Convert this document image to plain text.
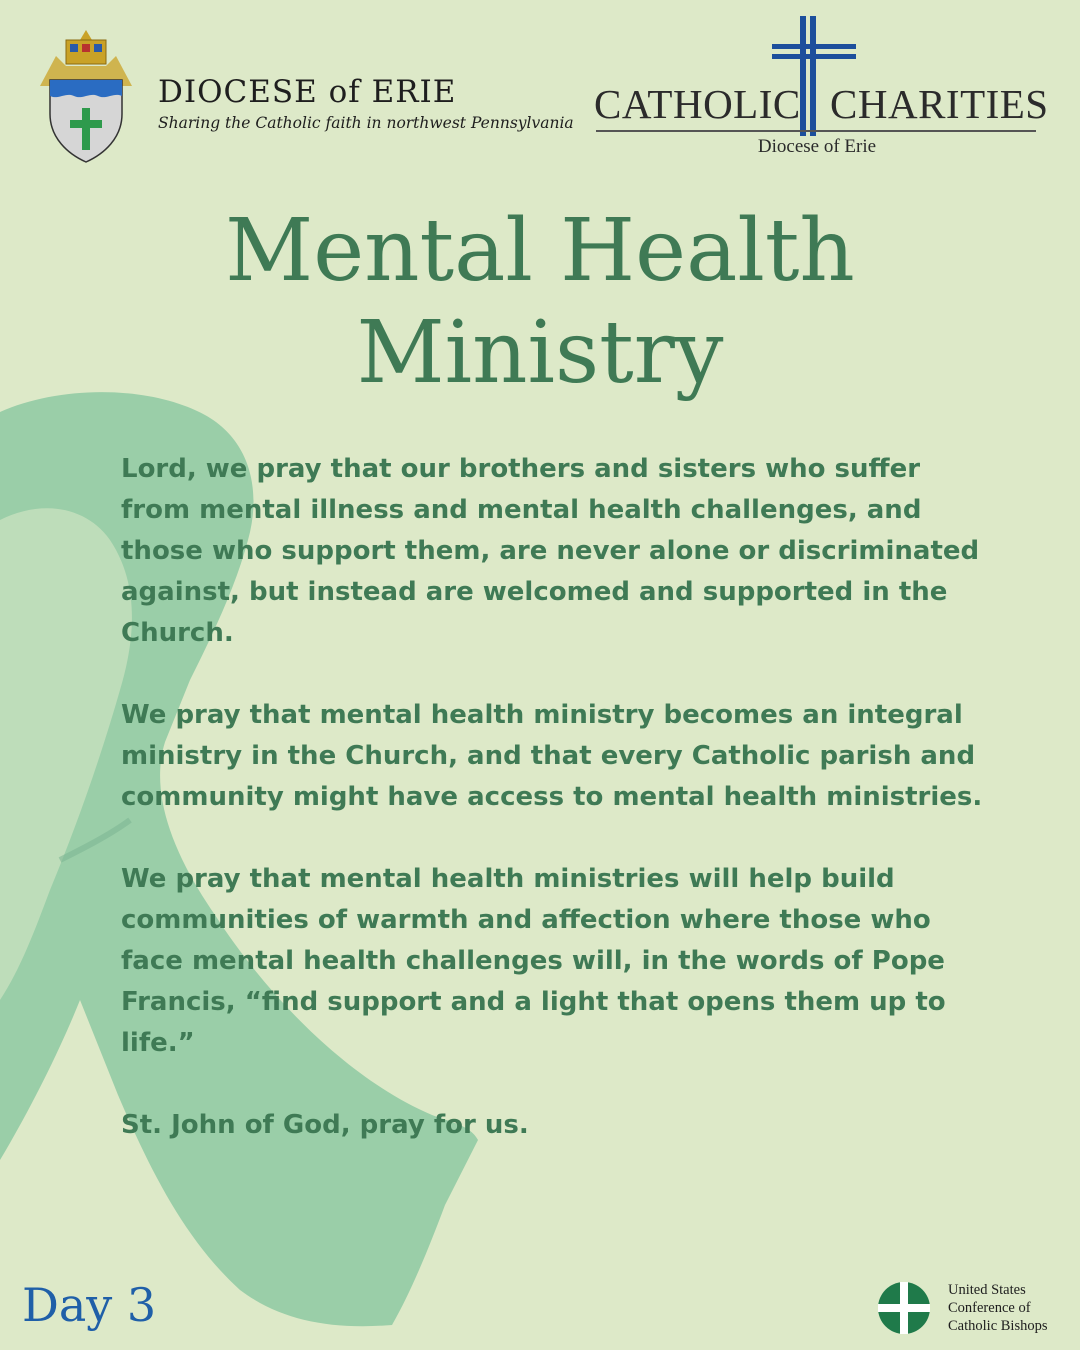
DIOCESE of ERIE
Sharing the Catholic faith in northwest Pennsylvania CATHOLIC CHARITIES
Diocese of Erie
Mental Health
Ministry

Lord, we pray that our brothers and sisters who suffer from mental illness and mental health challenges, and those who support them, are never alone or discriminated against, but instead are welcomed and supported in the Church.

We pray that mental health ministry becomes an integral ministry in the Church, and that every Catholic parish and community might have access to mental health ministries.

We pray that mental health ministries will help build communities of warmth and affection where those who face mental health challenges will, in the words of Pope Francis, “find support and a light that opens them up to life.”

St. John of God, pray for us.

Day 3	United States
Conference of
Catholic Bishops
